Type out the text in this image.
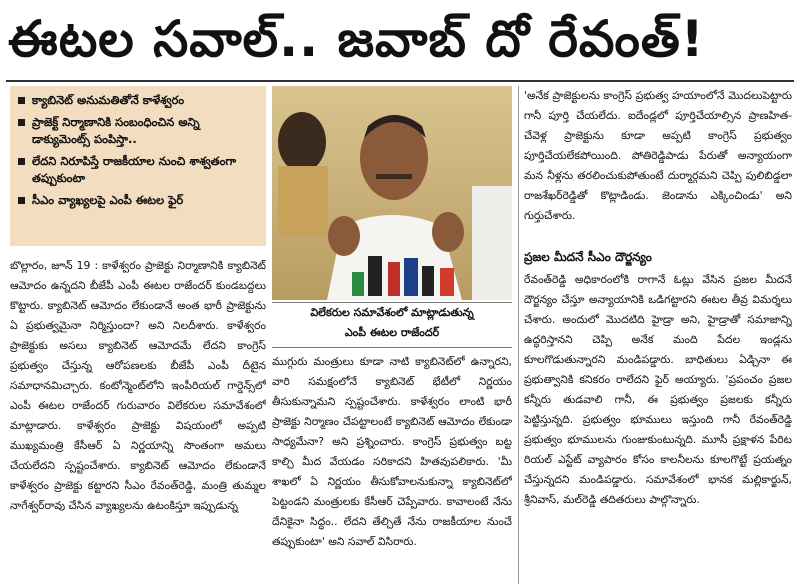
ఈటల సవాల్‌.. జవాబ్‌ దో రేవంత్‌!
క్యాబినెట్‌ అనుమతితోనే కాళేశ్వరం
ప్రాజెక్ట్‌ నిర్మాణానికి సంబంధించిన అన్ని డాక్యుమెంట్స్‌ పంపిస్తా..
లేదని నిరూపిస్తే రాజకీయాల నుంచి శాశ్వతంగా తప్పుకుంటా
సీఎం వ్యాఖ్యలపై ఎంపీ ఈటల ఫైర్‌
విలేకరుల సమావేశంలో మాట్లాడుతున్న
ఎంపీ ఈటల రాజేందర్‌

బొల్లారం, జూన్‌ 19 : కాళేశ్వరం ప్రాజెక్టు నిర్మాణానికి క్యాబినెట్‌ ఆమోదం ఉన్నదని బీజేపీ ఎంపీ ఈటల రాజేందర్‌ కుండబద్దలు కొట్టారు. క్యాబినెట్‌ ఆమోదం లేకుండానే అంత భారీ ప్రాజెక్టును ఏ ప్రభుత్వమైనా నిర్మిస్తుందా? అని నిలదీశారు. కాళేశ్వరం ప్రాజెక్టుకు అసలు క్యాబినెట్‌ ఆమోదమే లేదని కాంగ్రెస్‌ ప్రభుత్వం చేస్తున్న ఆరోపణలకు బీజేపీ ఎంపీ దీటైన సమాధానమిచ్చారు. కంటోన్మెంట్‌లోని ఇంపీరియల్‌ గార్డెన్స్‌లో ఎంపీ ఈటల రాజేందర్‌ గురువారం విలేకరుల సమావేశంలో మాట్లాడారు. కాళేశ్వరం ప్రాజెక్టు విషయంలో అప్పటి ముఖ్యమంత్రి కేసీఆర్‌ ఏ నిర్ణయాన్ని సొంతంగా అమలు చేయలేదని స్పష్టంచేశారు. క్యాబినెట్‌ ఆమోదం లేకుండానే కాళేశ్వరం ప్రాజెక్టు కట్టారని సీఎం రేవంత్‌రెడ్డి, మంత్రి తుమ్మల నాగేశ్వర్‌రావు చేసిన వ్యాఖ్యలను ఉటంకిస్తూ ఇప్పుడున్న

ముగ్గురు మంత్రులు కూడా నాటి క్యాబినెట్‌లో ఉన్నారని, వారి సమక్షంలోనే క్యాబినెట్‌ భేటీలో నిర్ణయం తీసుకున్నామని స్పష్టంచేశారు. కాళేశ్వరం లాంటి భారీ ప్రాజెక్టు నిర్మాణం చేపట్టాలంటే క్యాబినెట్‌ ఆమోదం లేకుండా సాధ్యమేనా? అని ప్రశ్నించారు. కాంగ్రెస్‌ ప్రభుత్వం బట్ట కాల్చి మీద వేయడం సరికాదని హితవుపలికారు. 'మీ శాఖలో ఏ నిర్ణయం తీసుకోవాలనుకున్నా క్యాబినెట్‌లో పెట్టండని మంత్రులకు కేసీఆర్‌ చెప్పేవారు. కావాలంటే నేను దేనికైనా సిద్ధం.. లేదని తేల్చితే నేను రాజకీయాల నుంచే తప్పుకుంటా' అని సవాల్‌ విసిరారు.

'అనేక ప్రాజెక్టులను కాంగ్రెస్‌ ప్రభుత్వ హయాంలోనే మొదలుపెట్టారు గానీ పూర్తి చేయలేదు. ఐదేండ్లలో పూర్తిచేయాల్సిన ప్రాణహిత-చేవెళ్ల ప్రాజెక్టును కూడా అప్పటి కాంగ్రెస్‌ ప్రభుత్వం పూర్తిచేయలేకపోయింది. పోతిరెడ్డిపాడు పేరుతో అన్యాయంగా మన నీళ్లను తరలించుకుపోతుంటే దుర్మార్గమని చెప్పి పులిబిడ్డలా రాజశేఖర్‌రెడ్డితో కొట్లాడిండు. జెండాను ఎక్కించిండు' అని గుర్తుచేశారు.

ప్రజల మీదనే సీఎం దౌర్జన్యం

రేవంత్‌రెడ్డి అధికారంలోకి రాగానే ఓట్లు వేసిన ప్రజల మీదనే దౌర్జన్యం చేస్తూ అన్యాయానికి ఒడిగట్టారని ఈటల తీవ్ర విమర్శలు చేశారు. అందులో మొదటిది హైడ్రా అని, హైడ్రాతో సమాజాన్ని ఉద్ధరిస్తానని చెప్పి అనేక మంది పేదల ఇండ్లను కూలగొడుతున్నారని మండిపడ్డారు. బాధితులు ఏడ్చినా ఈ ప్రభుత్వానికి కనికరం రాలేదని ఫైర్‌ అయ్యారు. 'ప్రపంచం ప్రజల కన్నీరు తుడవాలి గానీ, ఈ ప్రభుత్వం ప్రజలకు కన్నీరు పెట్టిస్తున్నది. ప్రభుత్వం భూములు ఇస్తుంది గానీ రేవంత్‌రెడ్డి ప్రభుత్వం భూములను గుంజుకుంటున్నది. మూసీ ప్రక్షాళన పేరిట రియల్‌ ఎస్టేట్‌ వ్యాపారం కోసం కాలనీలను కూలగొట్టే ప్రయత్నం చేస్తున్నదని మండిపడ్డారు. సమావేశంలో భానక మల్లికార్జున్‌, శ్రీనివాస్‌, మల్‌రెడ్డి తదితరులు పాల్గొన్నారు.
